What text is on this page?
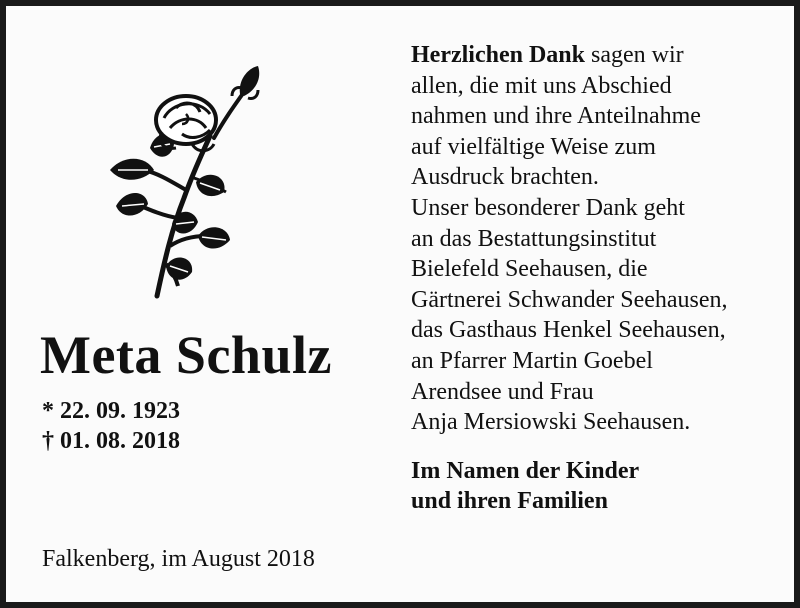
Meta Schulz
* 22. 09. 1923
† 01. 08. 2018

Falkenberg, im August 2018

Herzlichen Dank sagen wir
allen, die mit uns Abschied
nahmen und ihre Anteilnahme
auf vielfältige Weise zum
Ausdruck brachten.
Unser besonderer Dank geht
an das Bestattungsinstitut
Bielefeld Seehausen, die
Gärtnerei Schwander Seehausen,
das Gasthaus Henkel Seehausen,
an Pfarrer Martin Goebel
Arendsee und Frau
Anja Mersiowski Seehausen.
Im Namen der Kinder
und ihren Familien
